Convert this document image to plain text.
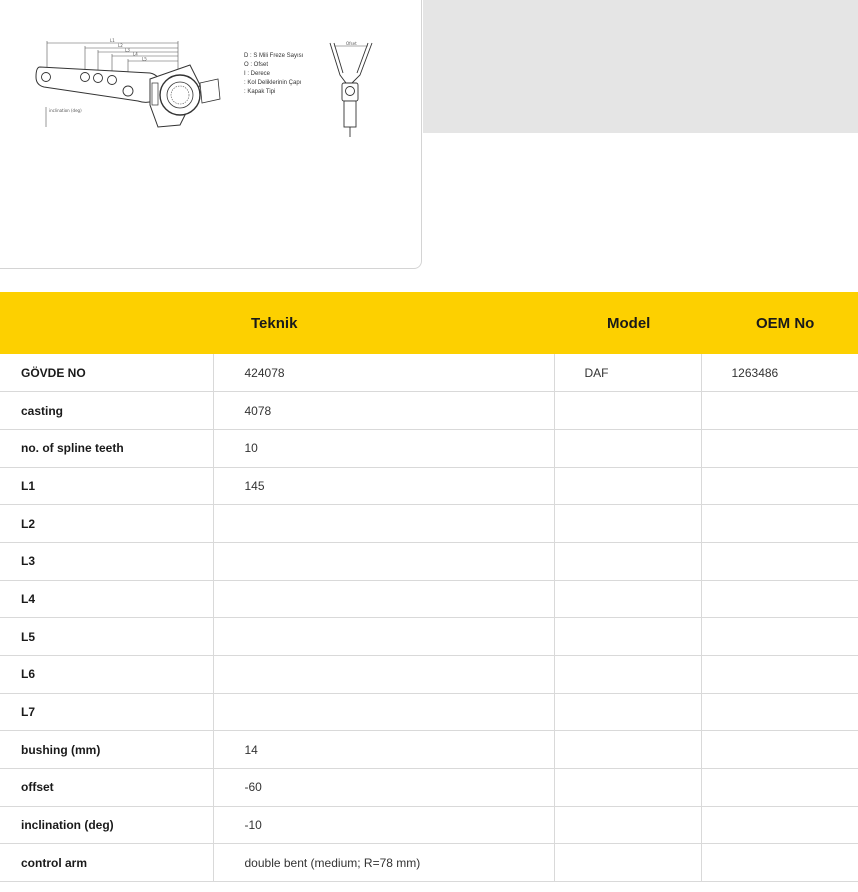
L1
L2
L3
L4
L5
inclination (deg)
Ofset
D : S Mili Freze Sayısı
O : Ofset
I : Derece
: Kol Deliklerinin Çapı
: Kapak Tipi
	Teknik	Model	OEM No
GÖVDE NO	424078	DAF	1263486
casting	4078		
no. of spline teeth	10		
L1	145		
L2			
L3			
L4			
L5			
L6			
L7			
bushing (mm)	14		
offset	-60		
inclination (deg)	-10		
control arm	double bent (medium; R=78 mm)		
